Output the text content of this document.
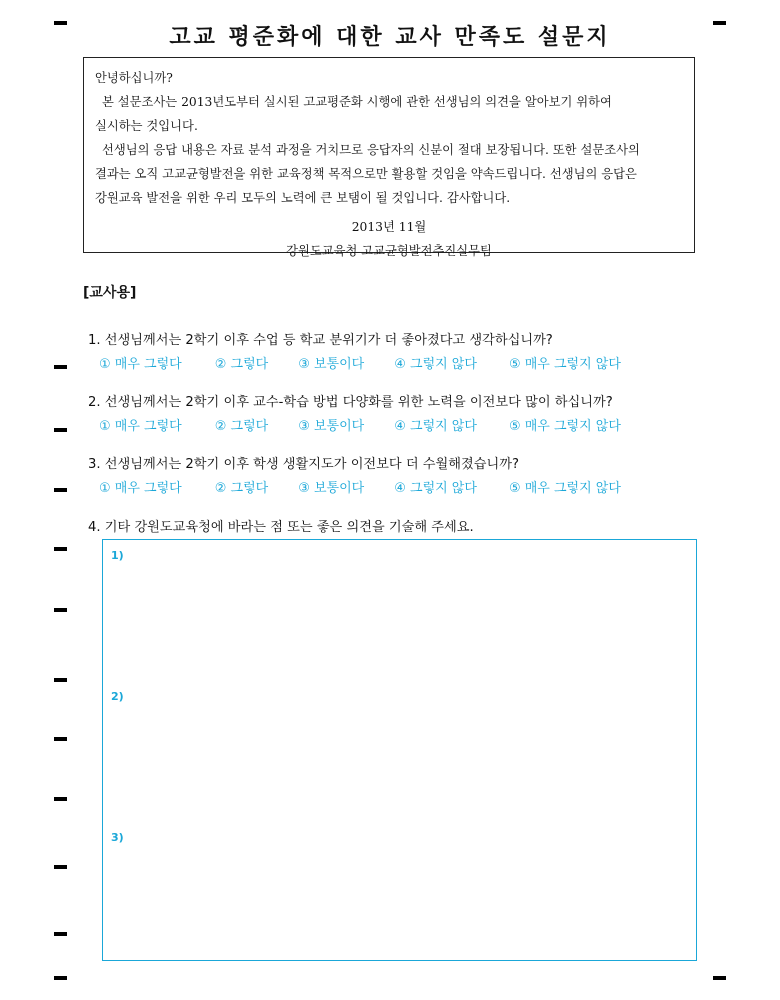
고교 평준화에 대한 교사 만족도 설문지

안녕하십니까?

본 설문조사는 2013년도부터 실시된 고교평준화 시행에 관한 선생님의 의견을 알아보기 위하여

실시하는 것입니다.

선생님의 응답 내용은 자료 분석 과정을 거치므로 응답자의 신분이 절대 보장됩니다. 또한 설문조사의

결과는 오직 고교균형발전을 위한 교육정책 목적으로만 활용할 것임을 약속드립니다. 선생님의 응답은

강원교육 발전을 위한 우리 모두의 노력에 큰 보탬이 될 것입니다. 감사합니다.

2013년 11월

강원도교육청 고교균형발전추진실무팀

[교사용]
1. 선생님께서는 2학기 이후 수업 등 학교 분위기가 더 좋아졌다고 생각하십니까?
① 매우 그렇다	② 그렇다 ③ 보통이다 ④ 그렇지 않다 ⑤ 매우 그렇지 않다
2. 선생님께서는 2학기 이후 교수-학습 방법 다양화를 위한 노력을 이전보다 많이 하십니까?
① 매우 그렇다	② 그렇다 ③ 보통이다 ④ 그렇지 않다 ⑤ 매우 그렇지 않다
3. 선생님께서는 2학기 이후 학생 생활지도가 이전보다 더 수월해졌습니까?
① 매우 그렇다	② 그렇다 ③ 보통이다 ④ 그렇지 않다 ⑤ 매우 그렇지 않다
4. 기타 강원도교육청에 바라는 점 또는 좋은 의견을 기술해 주세요.
1)
2)
3)
